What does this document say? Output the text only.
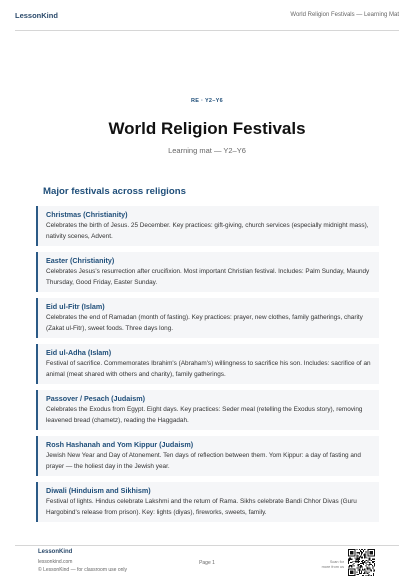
LessonKind	World Religion Festivals — Learning Mat
RE · Y2–Y6
World Religion Festivals
Learning mat — Y2–Y6
Major festivals across religions
Christmas (Christianity)
Celebrates the birth of Jesus. 25 December. Key practices: gift-giving, church services (especially midnight mass), nativity scenes, Advent.
Easter (Christianity)
Celebrates Jesus's resurrection after crucifixion. Most important Christian festival. Includes: Palm Sunday, Maundy Thursday, Good Friday, Easter Sunday.
Eid ul-Fitr (Islam)
Celebrates the end of Ramadan (month of fasting). Key practices: prayer, new clothes, family gatherings, charity (Zakat ul-Fitr), sweet foods. Three days long.
Eid ul-Adha (Islam)
Festival of sacrifice. Commemorates Ibrahim's (Abraham's) willingness to sacrifice his son. Includes: sacrifice of an animal (meat shared with others and charity), family gatherings.
Passover / Pesach (Judaism)
Celebrates the Exodus from Egypt. Eight days. Key practices: Seder meal (retelling the Exodus story), removing leavened bread (chametz), reading the Haggadah.
Rosh Hashanah and Yom Kippur (Judaism)
Jewish New Year and Day of Atonement. Ten days of reflection between them. Yom Kippur: a day of fasting and prayer — the holiest day in the Jewish year.
Diwali (Hinduism and Sikhism)
Festival of lights. Hindus celebrate Lakshmi and the return of Rama. Sikhs celebrate Bandi Chhor Divas (Guru Hargobind's release from prison). Key: lights (diyas), fireworks, sweets, family.
LessonKind
lessonkind.com
© LessonKind — for classroom use only
Page 1	Scan for
more from us
